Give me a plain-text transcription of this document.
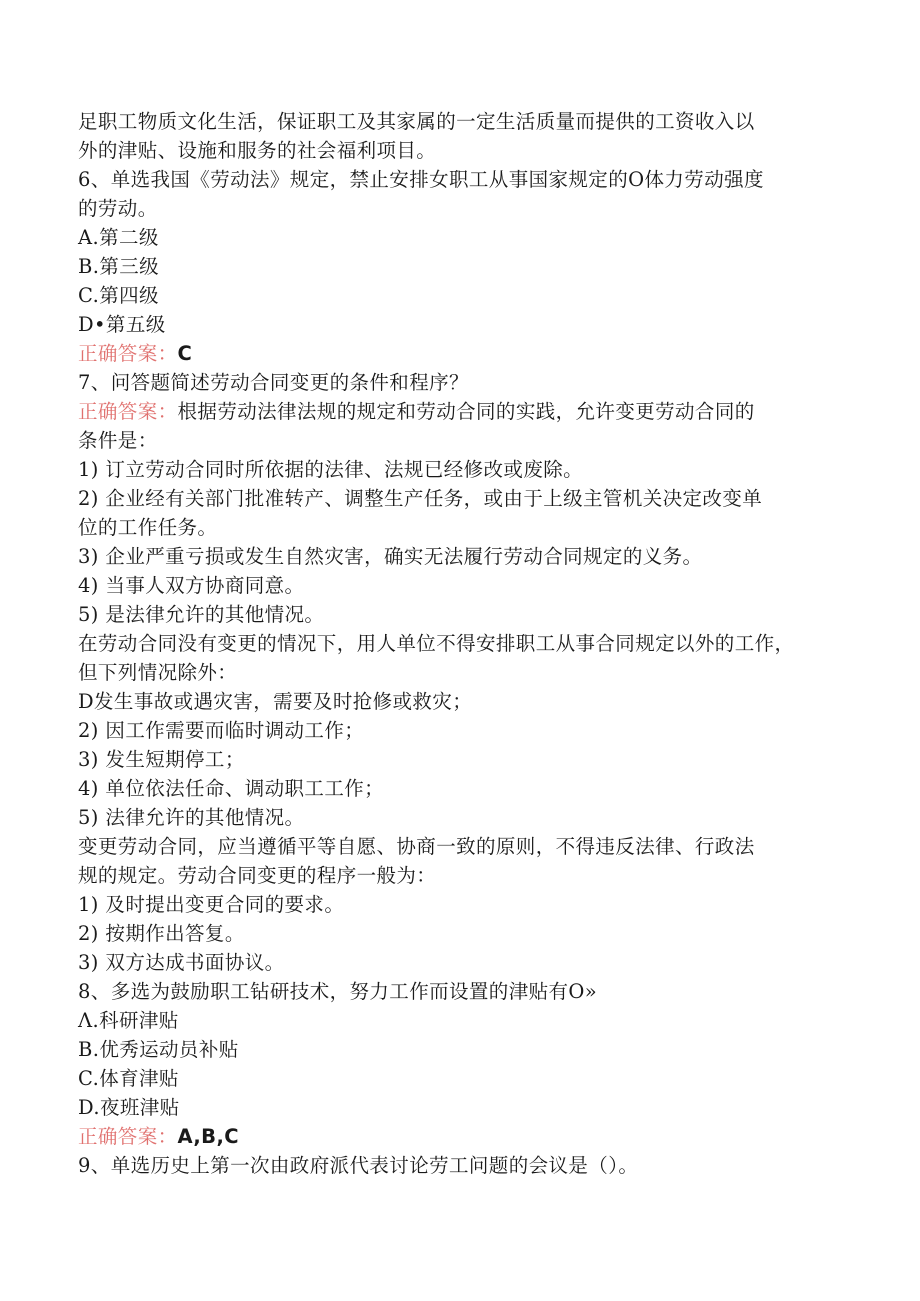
足职工物质文化生活，保证职工及其家属的一定生活质量而提供的工资收入以
外的津贴、设施和服务的社会福利项目。
6、单选我国《劳动法》规定，禁止安排女职工从事国家规定的O体力劳动强度
的劳动。
A.第二级
B.第三级
C.第四级
D•第五级
正确答案：C
7、问答题简述劳动合同变更的条件和程序？
正确答案：根据劳动法律法规的规定和劳动合同的实践，允许变更劳动合同的
条件是：
1) 订立劳动合同时所依据的法律、法规已经修改或废除。
2) 企业经有关部门批准转产、调整生产任务，或由于上级主管机关决定改变单
位的工作任务。
3) 企业严重亏损或发生自然灾害，确实无法履行劳动合同规定的义务。
4) 当事人双方协商同意。
5) 是法律允许的其他情况。
在劳动合同没有变更的情况下，用人单位不得安排职工从事合同规定以外的工作，
但下列情况除外：
D发生事故或遇灾害，需要及时抢修或救灾；
2) 因工作需要而临时调动工作；
3) 发生短期停工；
4) 单位依法任命、调动职工工作；
5) 法律允许的其他情况。
变更劳动合同，应当遵循平等自愿、协商一致的原则，不得违反法律、行政法
规的规定。劳动合同变更的程序一般为：
1) 及时提出变更合同的要求。
2) 按期作出答复。
3) 双方达成书面协议。
8、多选为鼓励职工钻研技术，努力工作而设置的津贴有O»
Λ.科研津贴
B.优秀运动员补贴
C.体育津贴
D.夜班津贴
正确答案：A,B,C
9、单选历史上第一次由政府派代表讨论劳工问题的会议是（）。
